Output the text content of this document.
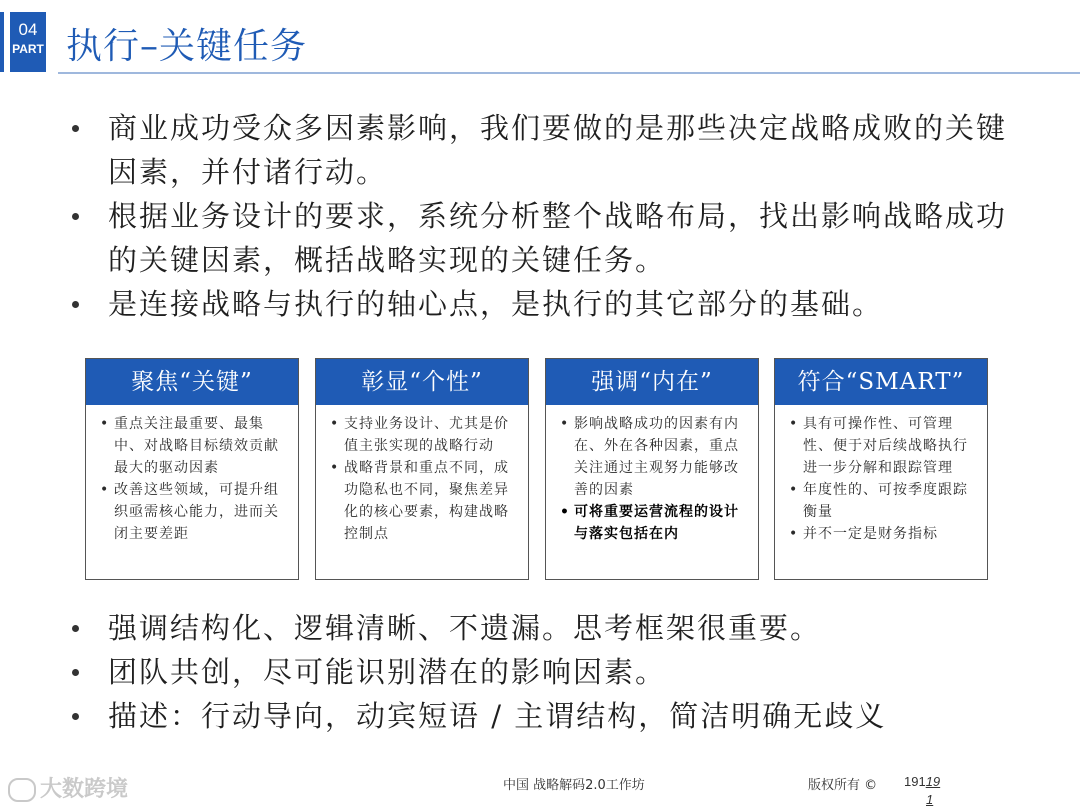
04
PART 执行–关键任务
商业成功受众多因素影响，我们要做的是那些决定战略成败的关键因素，并付诸行动。
根据业务设计的要求，系统分析整个战略布局，找出影响战略成功的关键因素，概括战略实现的关键任务。
是连接战略与执行的轴心点，是执行的其它部分的基础。
聚焦“关键”
• 重点关注最重要、最集中、对战略目标绩效贡献最大的驱动因素
• 改善这些领域，可提升组织亟需核心能力，进而关闭主要差距
彰显“个性”
• 支持业务设计、尤其是价值主张实现的战略行动
• 战略背景和重点不同，成功隐私也不同，聚焦差异化的核心要素，构建战略控制点
强调“内在”
• 影响战略成功的因素有内在、外在各种因素，重点关注通过主观努力能够改善的因素
• 可将重要运营流程的设计与落实包括在内
符合“SMART”
• 具有可操作性、可管理性、便于对后续战略执行进一步分解和跟踪管理
• 年度性的、可按季度跟踪衡量
• 并不一定是财务指标
强调结构化、逻辑清晰、不遗漏。思考框架很重要。
团队共创，尽可能识别潜在的影响因素。
描述：行动导向，动宾短语 / 主谓结构，简洁明确无歧义
大数跨境	中国 战略解码2.0工作坊	版权所有 © 19119
1
